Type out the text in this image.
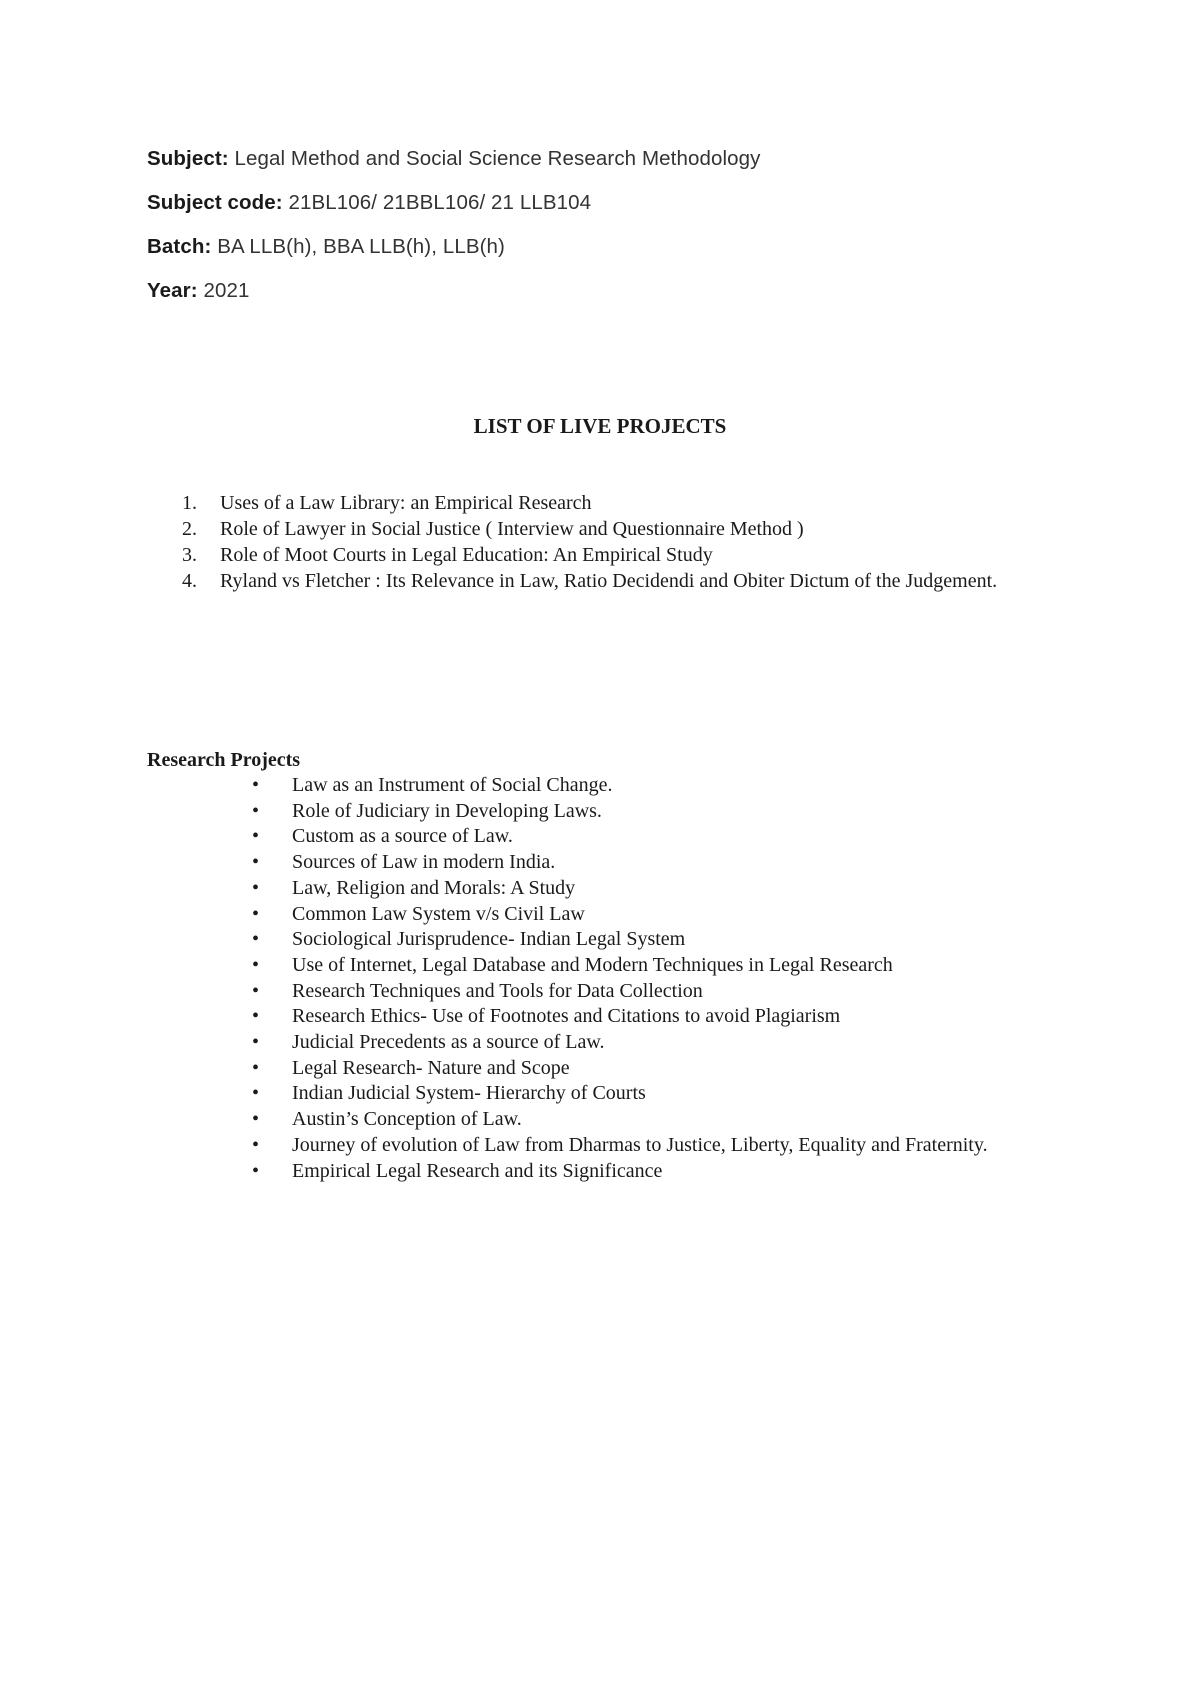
Subject: Legal Method and Social Science Research Methodology
Subject code: 21BL106/ 21BBL106/ 21 LLB104
Batch: BA LLB(h), BBA LLB(h), LLB(h)
Year: 2021
LIST OF LIVE PROJECTS
1. Uses of a Law Library: an Empirical Research
2. Role of Lawyer in Social Justice ( Interview and Questionnaire Method )
3. Role of Moot Courts in Legal Education: An Empirical Study
4. Ryland vs Fletcher : Its Relevance in Law, Ratio Decidendi and Obiter Dictum of the Judgement.
Research Projects
• Law as an Instrument of Social Change.
• Role of Judiciary in Developing Laws.
• Custom as a source of Law.
• Sources of Law in modern India.
• Law, Religion and Morals: A Study
• Common Law System v/s Civil Law
• Sociological Jurisprudence- Indian Legal System
• Use of Internet, Legal Database and Modern Techniques in Legal Research
• Research Techniques and Tools for Data Collection
• Research Ethics- Use of Footnotes and Citations to avoid Plagiarism
• Judicial Precedents as a source of Law.
• Legal Research- Nature and Scope
• Indian Judicial System- Hierarchy of Courts
• Austin’s Conception of Law.
• Journey of evolution of Law from Dharmas to Justice, Liberty, Equality and Fraternity.
• Empirical Legal Research and its Significance
